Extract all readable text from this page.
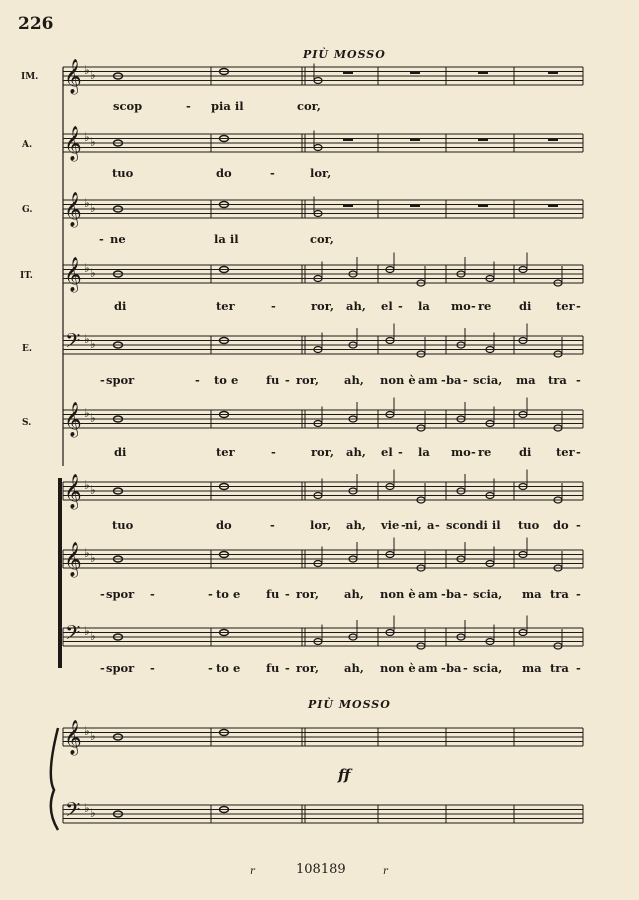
226
PIÙ MOSSO
PIÙ MOSSO
ff
IM.
A.
G.
IT.
E.
S.
scop	- pia il	cor,
tuo	do	-	lor,
- ne	la il	cor,
di	ter	-	ror, ah, el - la mo - re di ter -
- spor	- to e fu - ror, ah, non è am - ba - scia, ma tra -
di	ter	-	ror, ah, el - la mo - re di ter -
tuo	do	-	lor, ah, vie - ni, a - scondi il tuo do -
- spor -	- to e fu - ror, ah, non è am - ba - scia, ma tra -
- spor -	- to e fu - ror, ah, non è am - ba - scia, ma tra -
r	108189	r
𝄞 ♭ ♭
𝄞 ♭ ♭
𝄞 ♭ ♭
𝄞 ♭ ♭
𝄢 ♭ ♭
𝄞 ♭ ♭
𝄞 ♭ ♭
𝄞 ♭ ♭
𝄢 ♭ ♭
𝄞 ♭ ♭
𝄢 ♭ ♭
